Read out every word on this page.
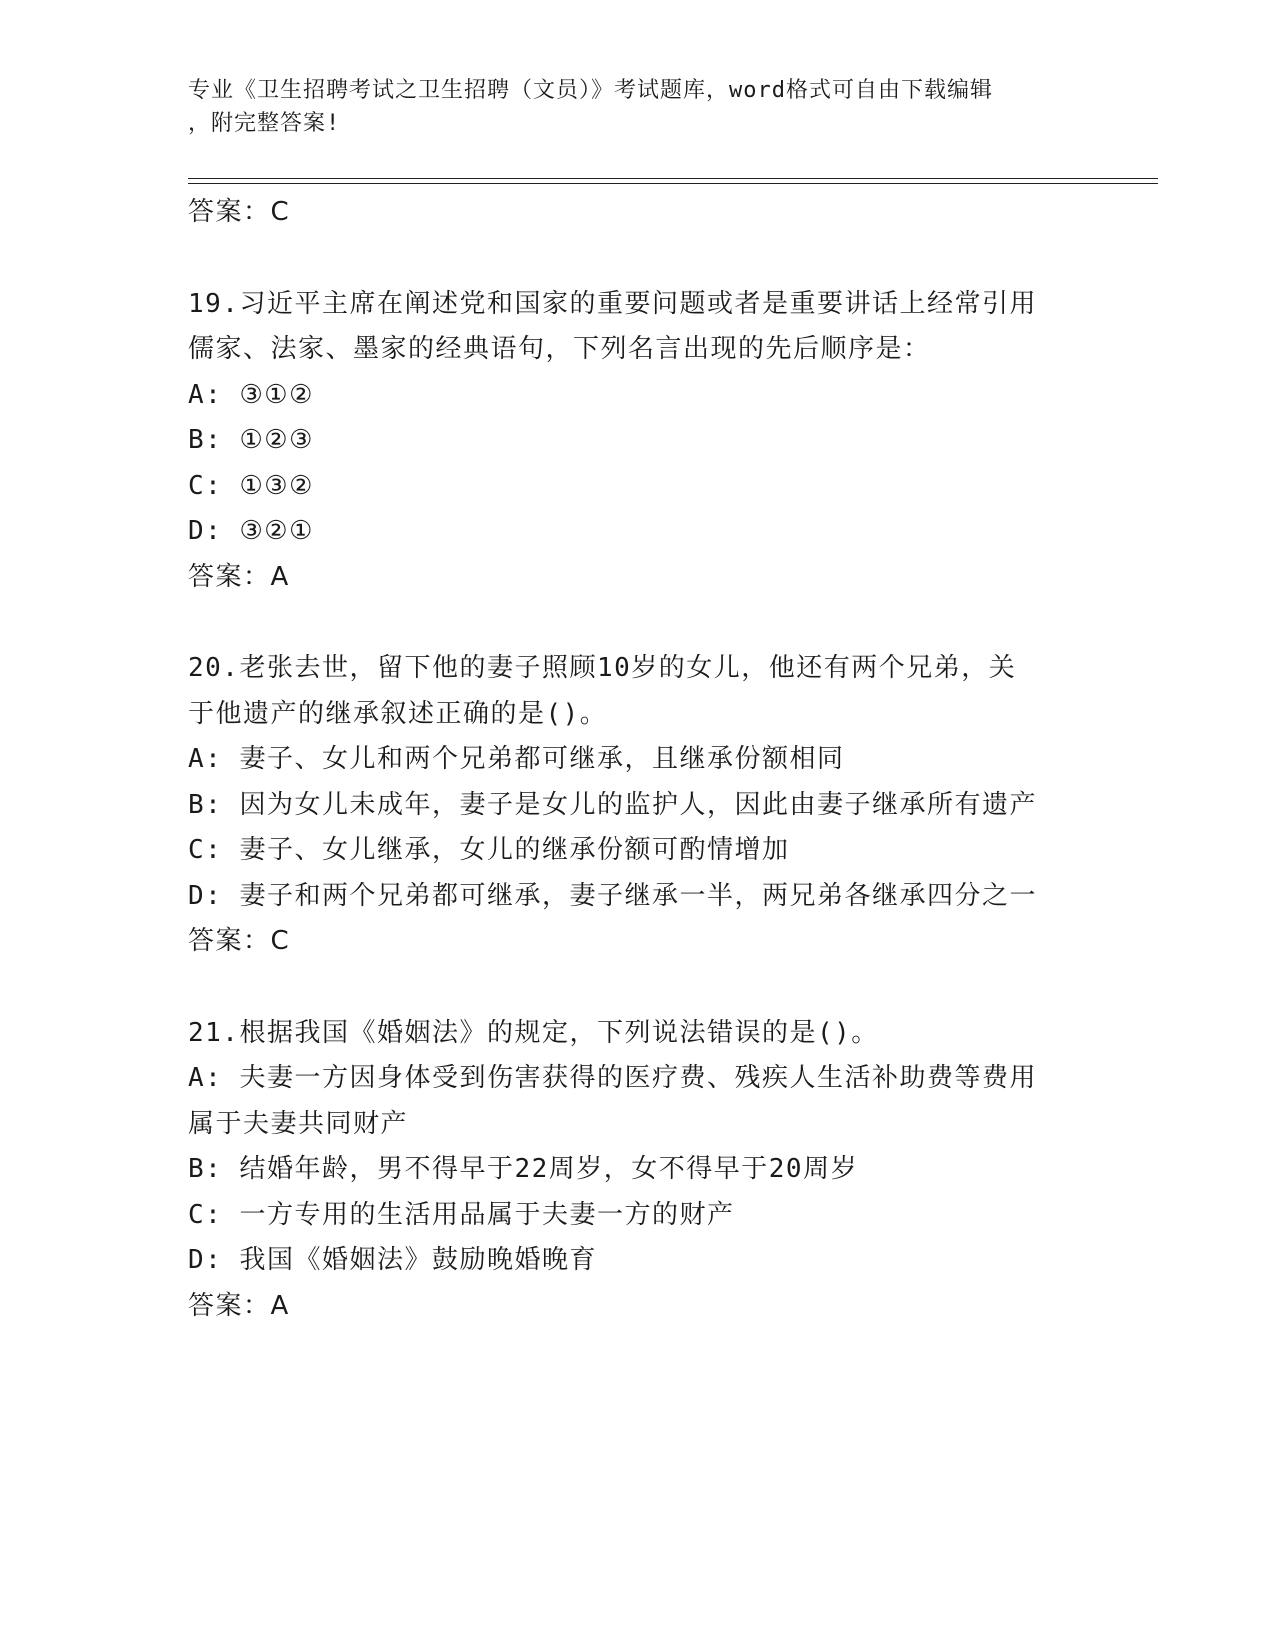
专业《卫生招聘考试之卫生招聘（文员）》考试题库，word格式可自由下载编辑
，附完整答案!
答案：C
19.习近平主席在阐述党和国家的重要问题或者是重要讲话上经常引用
儒家、法家、墨家的经典语句，下列名言出现的先后顺序是：
A: ③①②
B: ①②③
C: ①③②
D: ③②①
答案：A
20.老张去世，留下他的妻子照顾10岁的女儿，他还有两个兄弟，关
于他遗产的继承叙述正确的是()。
A: 妻子、女儿和两个兄弟都可继承，且继承份额相同
B: 因为女儿未成年，妻子是女儿的监护人，因此由妻子继承所有遗产
C: 妻子、女儿继承，女儿的继承份额可酌情增加
D: 妻子和两个兄弟都可继承，妻子继承一半，两兄弟各继承四分之一
答案：C
21.根据我国《婚姻法》的规定，下列说法错误的是()。
A: 夫妻一方因身体受到伤害获得的医疗费、残疾人生活补助费等费用
属于夫妻共同财产
B: 结婚年龄，男不得早于22周岁，女不得早于20周岁
C: 一方专用的生活用品属于夫妻一方的财产
D: 我国《婚姻法》鼓励晚婚晚育
答案：A
